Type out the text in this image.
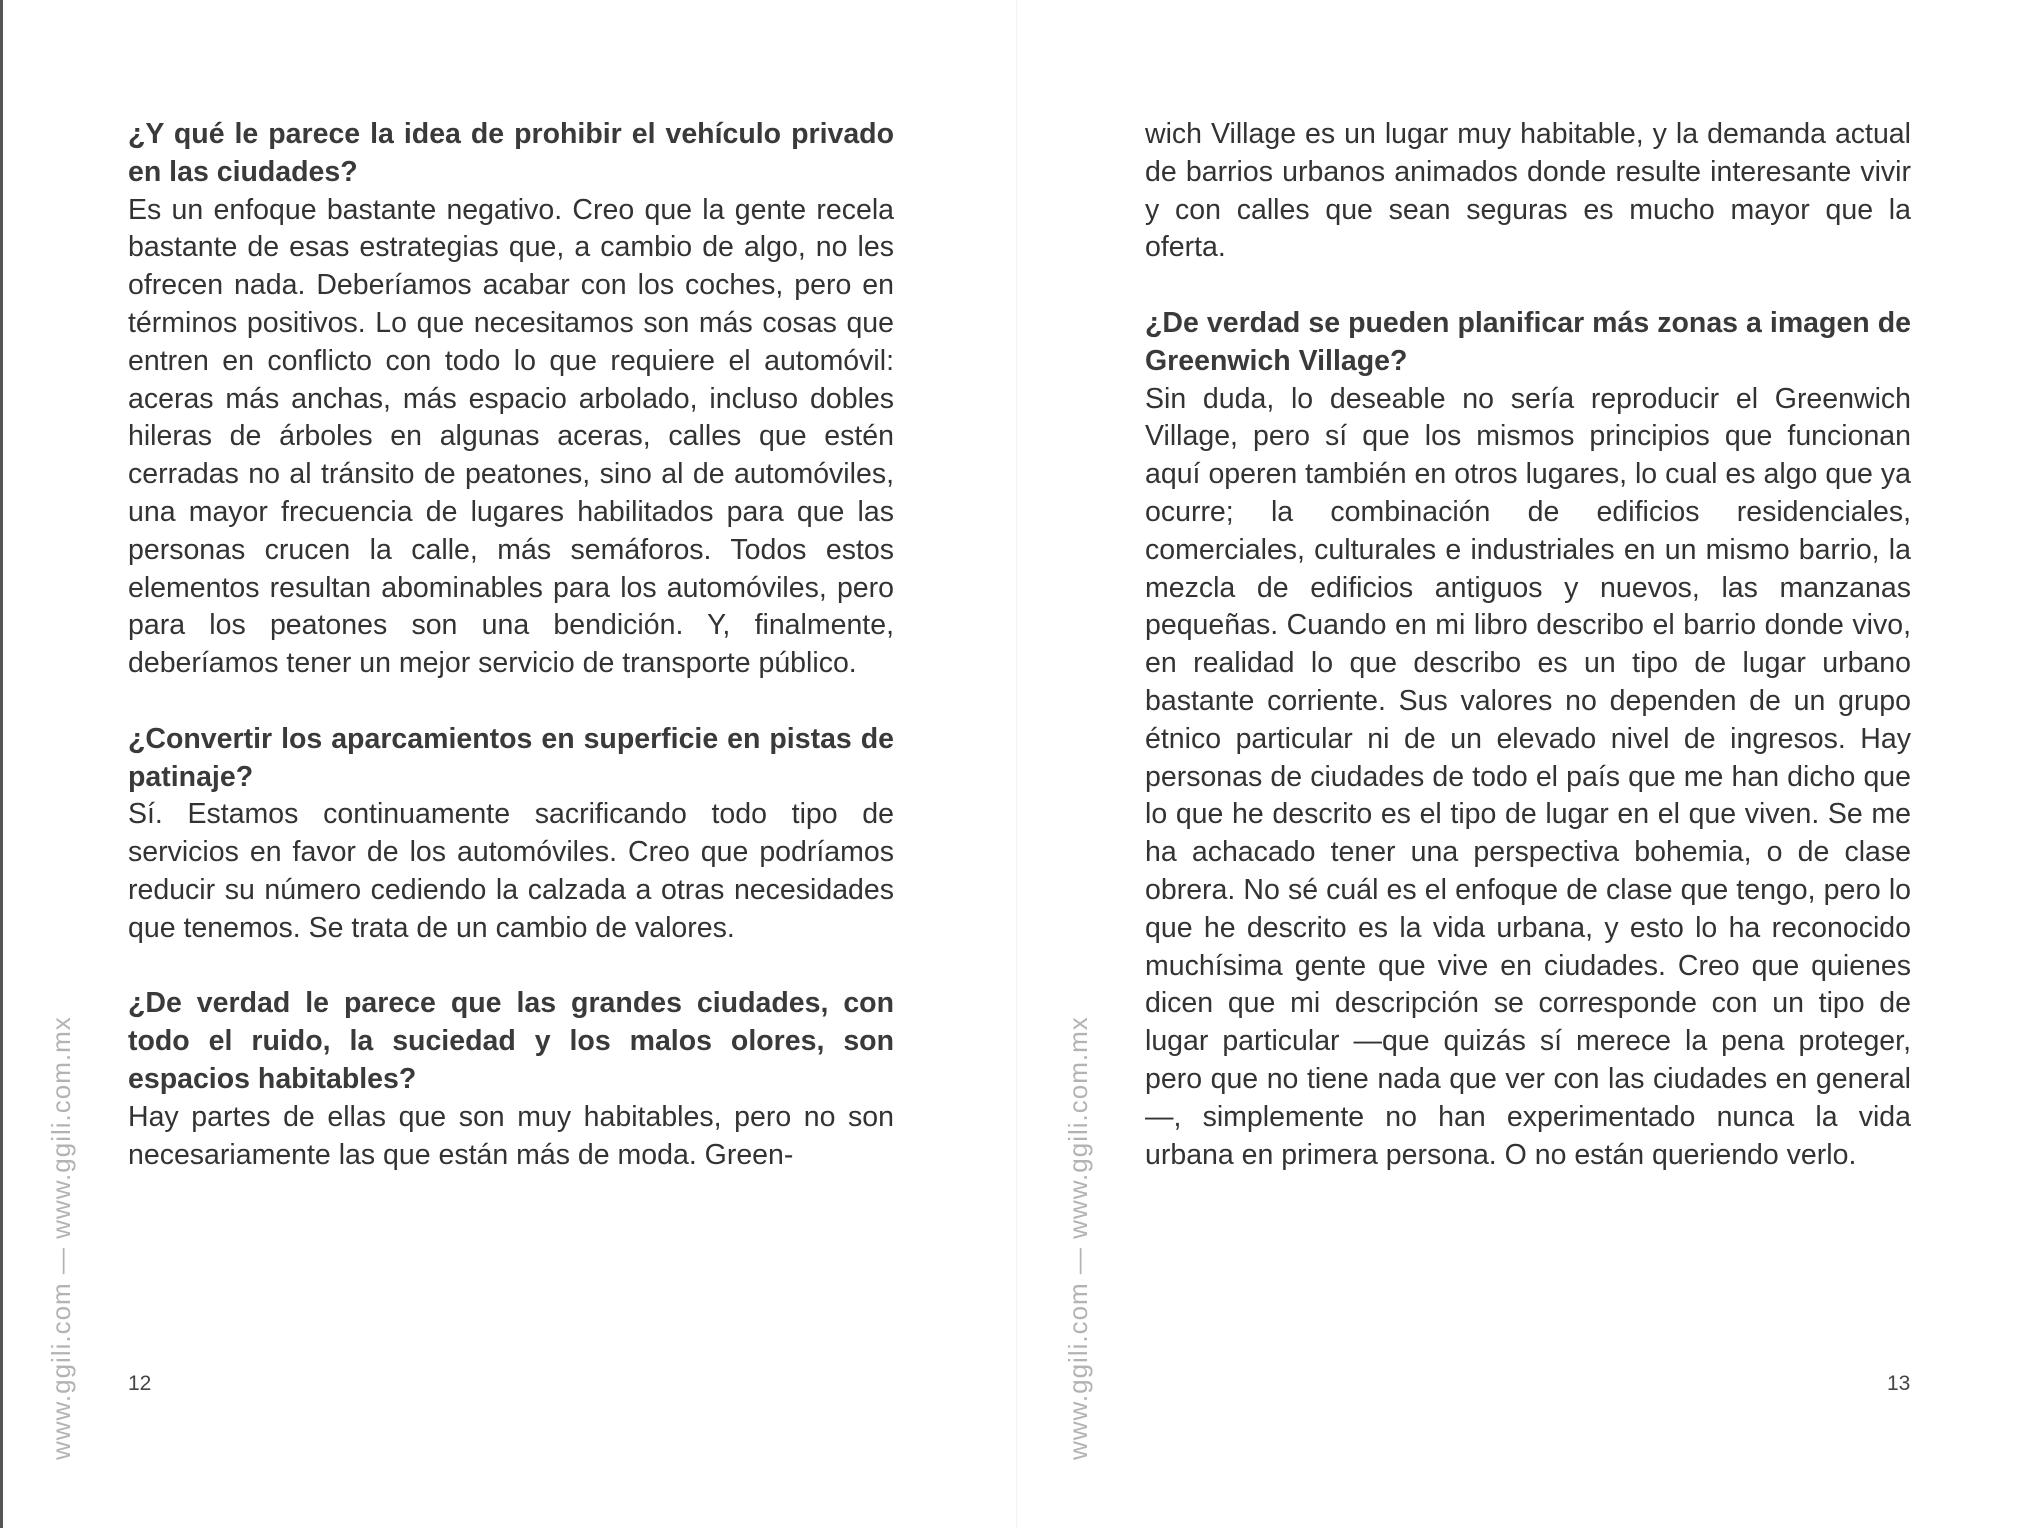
www.ggili.com — www.ggili.com.mx

¿Y qué le parece la idea de prohibir el vehículo privado en las ciudades?

Es un enfoque bastante negativo. Creo que la gente recela bastante de esas estrategias que, a cambio de algo, no les ofrecen nada. Deberíamos acabar con los coches, pero en términos positivos. Lo que necesitamos son más cosas que entren en conflicto con todo lo que requiere el automóvil: aceras más anchas, más espacio arbolado, incluso dobles hileras de árboles en algunas aceras, calles que estén cerradas no al tránsito de peatones, sino al de automóviles, una mayor frecuencia de lugares habilitados para que las personas crucen la calle, más semáforos. Todos estos elementos resultan abominables para los automóviles, pero para los peatones son una bendición. Y, finalmente, deberíamos tener un mejor servicio de transporte público.

¿Convertir los aparcamientos en superficie en pistas de patinaje?

Sí. Estamos continuamente sacrificando todo tipo de servicios en favor de los automóviles. Creo que podríamos reducir su número cediendo la calzada a otras necesidades que tenemos. Se trata de un cambio de valores.

¿De verdad le parece que las grandes ciudades, con todo el ruido, la suciedad y los malos olores, son espacios habitables?

Hay partes de ellas que son muy habitables, pero no son necesariamente las que están más de moda. Green-

12	www.ggili.com — www.ggili.com.mx

wich Village es un lugar muy habitable, y la demanda actual de barrios urbanos animados donde resulte interesante vivir y con calles que sean seguras es mucho mayor que la oferta.

¿De verdad se pueden planificar más zonas a imagen de Greenwich Village?

Sin duda, lo deseable no sería reproducir el Greenwich Village, pero sí que los mismos principios que funcionan aquí operen también en otros lugares, lo cual es algo que ya ocurre; la combinación de edificios residenciales, comerciales, culturales e industriales en un mismo barrio, la mezcla de edificios antiguos y nuevos, las manzanas pequeñas. Cuando en mi libro describo el barrio donde vivo, en realidad lo que describo es un tipo de lugar urbano bastante corriente. Sus valores no dependen de un grupo étnico particular ni de un elevado nivel de ingresos. Hay personas de ciudades de todo el país que me han dicho que lo que he descrito es el tipo de lugar en el que viven. Se me ha achacado tener una perspectiva bohemia, o de clase obrera. No sé cuál es el enfoque de clase que tengo, pero lo que he descrito es la vida urbana, y esto lo ha reconocido muchísima gente que vive en ciudades. Creo que quienes dicen que mi descripción se corresponde con un tipo de lugar particular —que quizás sí merece la pena proteger, pero que no tiene nada que ver con las ciudades en general—, simplemente no han experimentado nunca la vida urbana en primera persona. O no están queriendo verlo.

13
